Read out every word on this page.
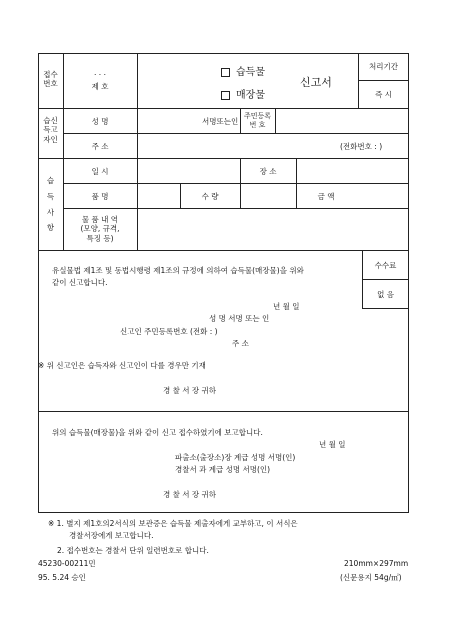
접수
번호
. . .
제 호
습득물
매장물
신고서
처리기간
즉 시
습신
득고
자인
성 명	서명또는인
주민등록
번 호
주 소	(전화번호 : )
습
득
사
항
일 시	장 소
품 명	수 량	금 액
물 품 내 역
(모양, 규격,
특징 등)
유실물법 제1조 및 동법시행령 제1조의 규정에 의하여 습득물(매장물)을 위와
같이 신고합니다.
수수료
없 음
년 월 일
성 명 서명 또는 인
신고인 주민등록번호 (전화 : )
주 소
※ 위 신고인은 습득자와 신고인이 다를 경우만 기재
경 찰 서 장 귀하
위의 습득물(매장물)을 위와 같이 신고 접수하였기에 보고합니다.
년 월 일
파출소(출장소)장 계급 성명 서명(인)
경찰서 과 계급 성명 서명(인)
경 찰 서 장 귀하
※ 1. 별지 제1호의2서식의 보관증은 습득물 제출자에게 교부하고, 이 서식은
경찰서장에게 보고합니다.
2. 접수번호는 경찰서 단위 일련번호로 합니다.
45230-00211민	210mm×297mm
95. 5.24 승인	(신문용지 54g/㎡)
